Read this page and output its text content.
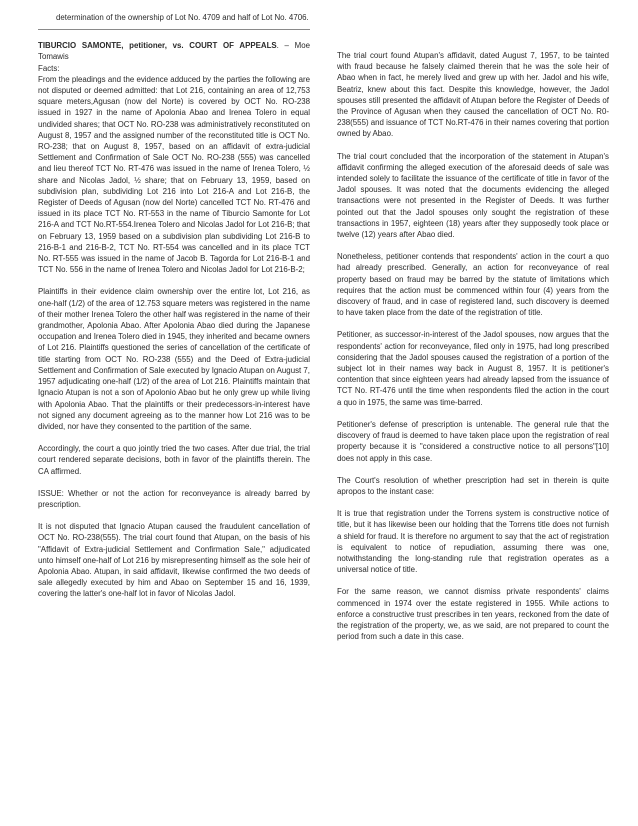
determination of the ownership of Lot No. 4709 and half of Lot No. 4706.

TIBURCIO SAMONTE, petitioner, vs. COURT OF APPEALS. – Moe Tomawis

Facts:

From the pleadings and the evidence adduced by the parties the following are not disputed or deemed admitted: that Lot 216, containing an area of 12,753 square meters,Agusan (now del Norte) is covered by OCT No. RO-238 issued in 1927 in the name of Apolonia Abao and Irenea Tolero in equal undivided shares; that OCT No. RO-238 was administratively reconstituted on August 8, 1957 and the assigned number of the reconstituted title is OCT No. RO-238; that on August 8, 1957, based on an affidavit of extra-judicial Settlement and Confirmation of Sale OCT No. RO-238 (555) was cancelled and lieu thereof TCT No. RT-476 was issued in the name of Irenea Tolero, ½ share and Nicolas Jadol, ½ share; that on February 13, 1959, based on subdivision plan, subdividing Lot 216 into Lot 216-A and Lot 216-B, the Register of Deeds of Agusan (now del Norte) cancelled TCT No. RT-476 and issued in its place TCT No. RT-553 in the name of Tiburcio Samonte for Lot 216-A and TCT No.RT-554.Irenea Tolero and Nicolas Jadol for Lot 216-B; that on February 13, 1959 based on a subdivision plan subdividing Lot 216-B to 216-B-1 and 216-B-2, TCT No. RT-554 was cancelled and in its place TCT No. RT-555 was issued in the name of Jacob B. Tagorda for Lot 216-B-1 and TCT No. 556 in the name of Irenea Tolero and Nicolas Jadol for Lot 216-B-2;

Plaintiffs in their evidence claim ownership over the entire lot, Lot 216, as one-half (1/2) of the area of 12.753 square meters was registered in the name of their mother Irenea Tolero the other half was registered in the name of their grandmother, Apolonia Abao. After Apolonia Abao died during the Japanese occupation and Irenea Tolero died in 1945, they inherited and became owners of Lot 216. Plaintiffs questioned the series of cancellation of the certificate of title starting from OCT No. RO-238 (555) and the Deed of Extra-judicial Settlement and Confirmation of Sale executed by Ignacio Atupan on August 7, 1957 adjudicating one-half (1/2) of the area of Lot 216. Plaintiffs maintain that Ignacio Atupan is not a son of Apolonio Abao but he only grew up while living with Apolonia Abao. That the plaintiffs or their predecessors-in-interest have not signed any document agreeing as to the manner how Lot 216 was to be divided, nor have they consented to the partition of the same.

Accordingly, the court a quo jointly tried the two cases. After due trial, the trial court rendered separate decisions, both in favor of the plaintiffs therein. The CA affirmed.

ISSUE: Whether or not the action for reconveyance is already barred by prescription.

It is not disputed that Ignacio Atupan caused the fraudulent cancellation of OCT No. RO-238(555). The trial court found that Atupan, on the basis of his "Affidavit of Extra-judicial Settlement and Confirmation Sale," adjudicated unto himself one-half of Lot 216 by misrepresenting himself as the sole heir of Apolonia Abao. Atupan, in said affidavit, likewise confirmed the two deeds of sale allegedly executed by him and Abao on September 15 and 16, 1939, covering the latter's one-half lot in favor of Nicolas Jadol.

The trial court found Atupan's affidavit, dated August 7, 1957, to be tainted with fraud because he falsely claimed therein that he was the sole heir of Abao when in fact, he merely lived and grew up with her. Jadol and his wife, Beatriz, knew about this fact. Despite this knowledge, however, the Jadol spouses still presented the affidavit of Atupan before the Register of Deeds of the Province of Agusan when they caused the cancellation of OCT No. R0-238(555) and issuance of TCT No.RT-476 in their names covering that portion owned by Abao.

The trial court concluded that the incorporation of the statement in Atupan's affidavit confirming the alleged execution of the aforesaid deeds of sale was intended solely to facilitate the issuance of the certificate of title in favor of the Jadol spouses. It was noted that the documents evidencing the alleged transactions were not presented in the Register of Deeds. It was further pointed out that the Jadol spouses only sought the registration of these transactions in 1957, eighteen (18) years after they supposedly took place or twelve (12) years after Abao died.

Nonetheless, petitioner contends that respondents' action in the court a quo had already prescribed. Generally, an action for reconveyance of real property based on fraud may be barred by the statute of limitations which requires that the action must be commenced within four (4) years from the discovery of fraud, and in case of registered land, such discovery is deemed to have taken place from the date of the registration of title.

Petitioner, as successor-in-interest of the Jadol spouses, now argues that the respondents' action for reconveyance, filed only in 1975, had long prescribed considering that the Jadol spouses caused the registration of a portion of the subject lot in their names way back in August 8, 1957. It is petitioner's contention that since eighteen years had already lapsed from the issuance of TCT No. RT-476 until the time when respondents filed the action in the court a quo in 1975, the same was time-barred.

Petitioner's defense of prescription is untenable. The general rule that the discovery of fraud is deemed to have taken place upon the registration of real property because it is "considered a constructive notice to all persons"[10] does not apply in this case.

The Court's resolution of whether prescription had set in therein is quite apropos to the instant case:

It is true that registration under the Torrens system is constructive notice of title, but it has likewise been our holding that the Torrens title does not furnish a shield for fraud. It is therefore no argument to say that the act of registration is equivalent to notice of repudiation, assuming there was one, notwithstanding the long-standing rule that registration operates as a universal notice of title.

For the same reason, we cannot dismiss private respondents' claims commenced in 1974 over the estate registered in 1955. While actions to enforce a constructive trust prescribes in ten years, reckoned from the date of the registration of the property, we, as we said, are not prepared to count the period from such a date in this case.
